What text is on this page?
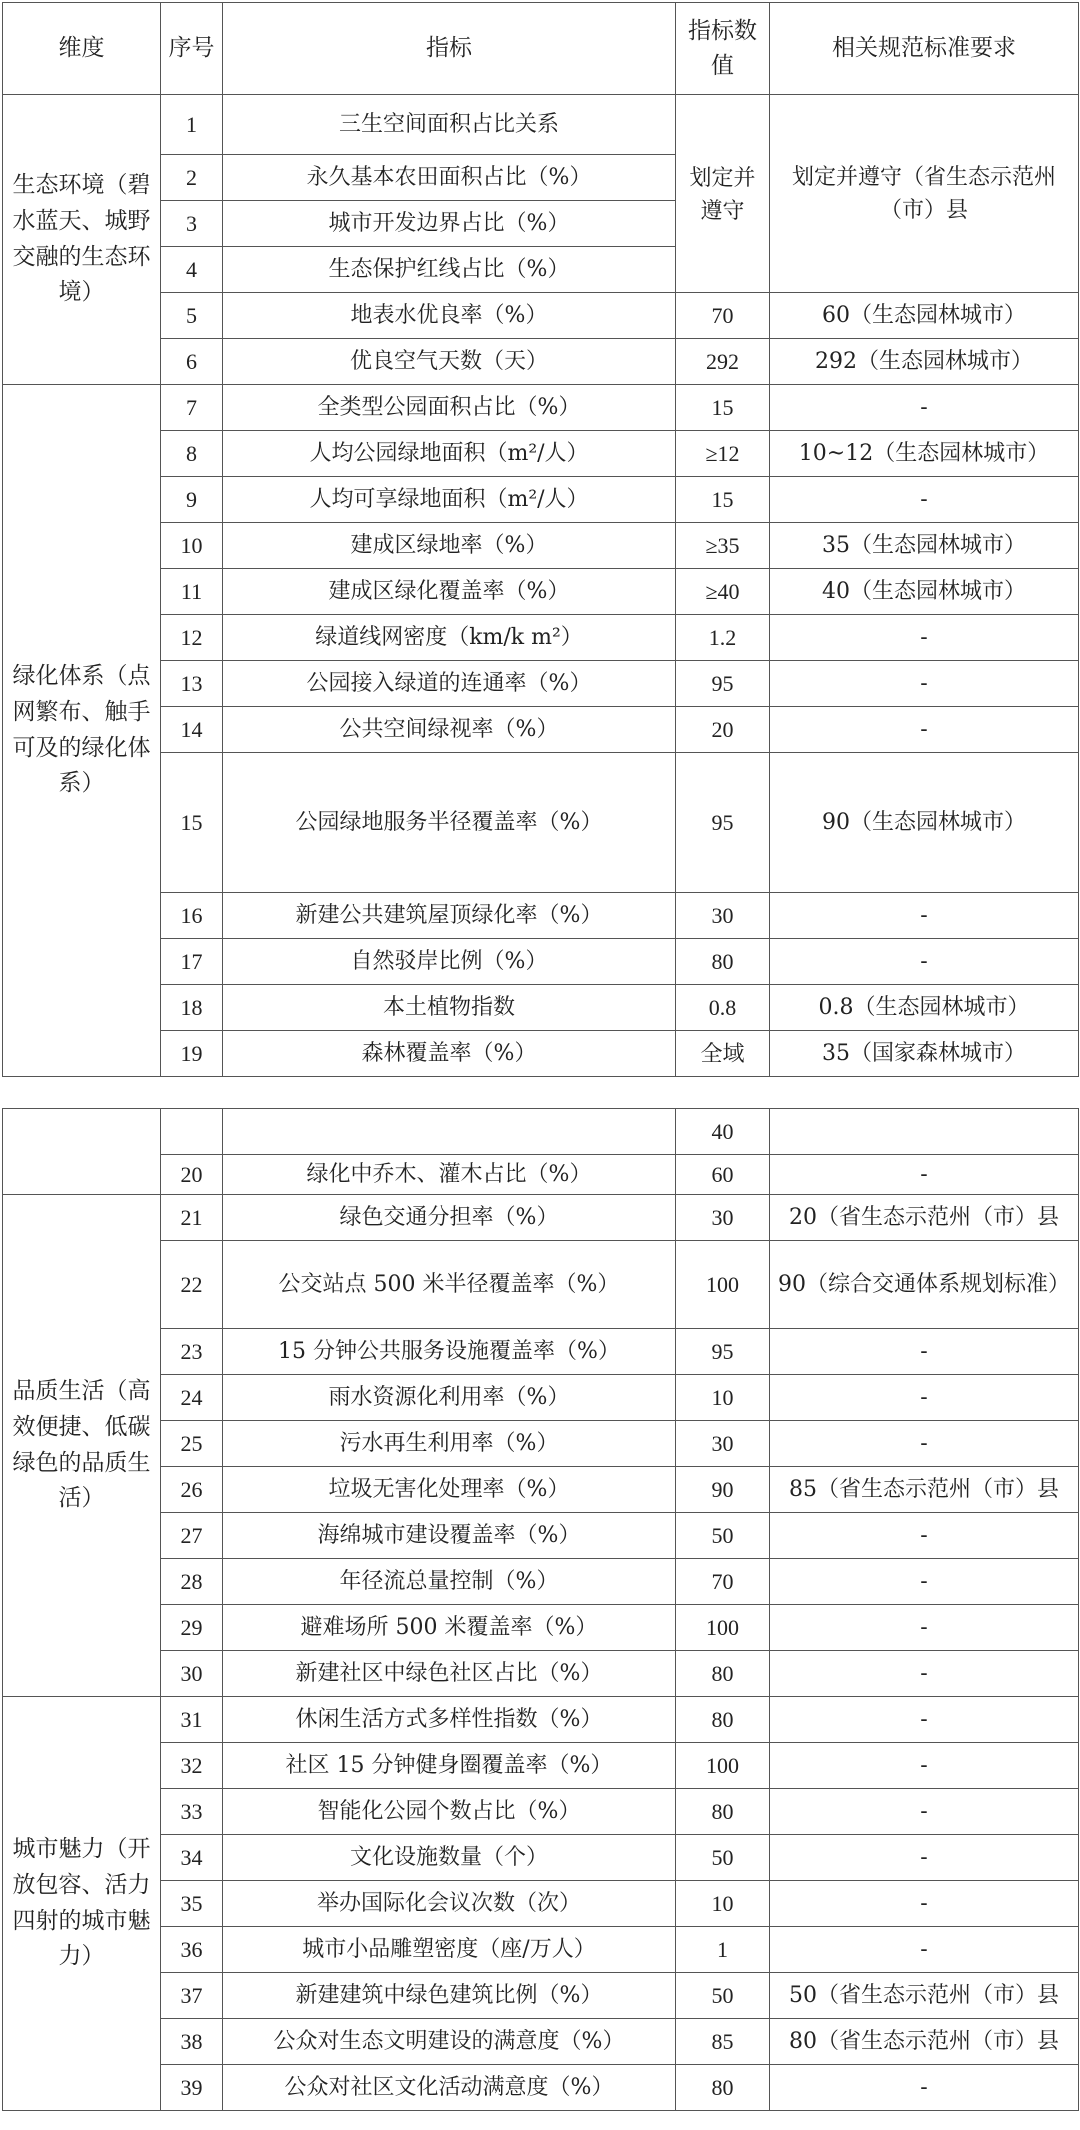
维度	序号	指标	指标数值	相关规范标准要求
生态环境（碧水蓝天、城野交融的生态环境）	1	三生空间面积占比关系	划定并遵守	划定并遵守（省生态示范州（市）县
	2	永久基本农田面积占比（%）		
	3	城市开发边界占比（%）		
	4	生态保护红线占比（%）		
	5	地表水优良率（%）	70	60（生态园林城市）
	6	优良空气天数（天）	292	292（生态园林城市）
绿化体系（点网繁布、触手可及的绿化体系）	7	全类型公园面积占比（%）	15	-
	8	人均公园绿地面积（m²/人）	≥12	10~12（生态园林城市）
	9	人均可享绿地面积（m²/人）	15	-
	10	建成区绿地率（%）	≥35	35（生态园林城市）
	11	建成区绿化覆盖率（%）	≥40	40（生态园林城市）
	12	绿道线网密度（km/k m²）	1.2	-
	13	公园接入绿道的连通率（%）	95	-
	14	公共空间绿视率（%）	20	-
	15	公园绿地服务半径覆盖率（%）	95	90（生态园林城市）
	16	新建公共建筑屋顶绿化率（%）	30	-
	17	自然驳岸比例（%）	80	-
	18	本土植物指数	0.8	0.8（生态园林城市）
	19	森林覆盖率（%）	全域	35（国家森林城市）
			40	
	20	绿化中乔木、灌木占比（%）	60	-
品质生活（高效便捷、低碳绿色的品质生活）	21	绿色交通分担率（%）	30	20（省生态示范州（市）县
	22	公交站点 500 米半径覆盖率（%）	100	90（综合交通体系规划标准）
	23	15 分钟公共服务设施覆盖率（%）	95	-
	24	雨水资源化利用率（%）	10	-
	25	污水再生利用率（%）	30	-
	26	垃圾无害化处理率（%）	90	85（省生态示范州（市）县
	27	海绵城市建设覆盖率（%）	50	-
	28	年径流总量控制（%）	70	-
	29	避难场所 500 米覆盖率（%）	100	-
	30	新建社区中绿色社区占比（%）	80	-
城市魅力（开放包容、活力四射的城市魅力）	31	休闲生活方式多样性指数（%）	80	-
	32	社区 15 分钟健身圈覆盖率（%）	100	-
	33	智能化公园个数占比（%）	80	-
	34	文化设施数量（个）	50	-
	35	举办国际化会议次数（次）	10	-
	36	城市小品雕塑密度（座/万人）	1	-
	37	新建建筑中绿色建筑比例（%）	50	50（省生态示范州（市）县
	38	公众对生态文明建设的满意度（%）	85	80（省生态示范州（市）县
	39	公众对社区文化活动满意度（%）	80	-
